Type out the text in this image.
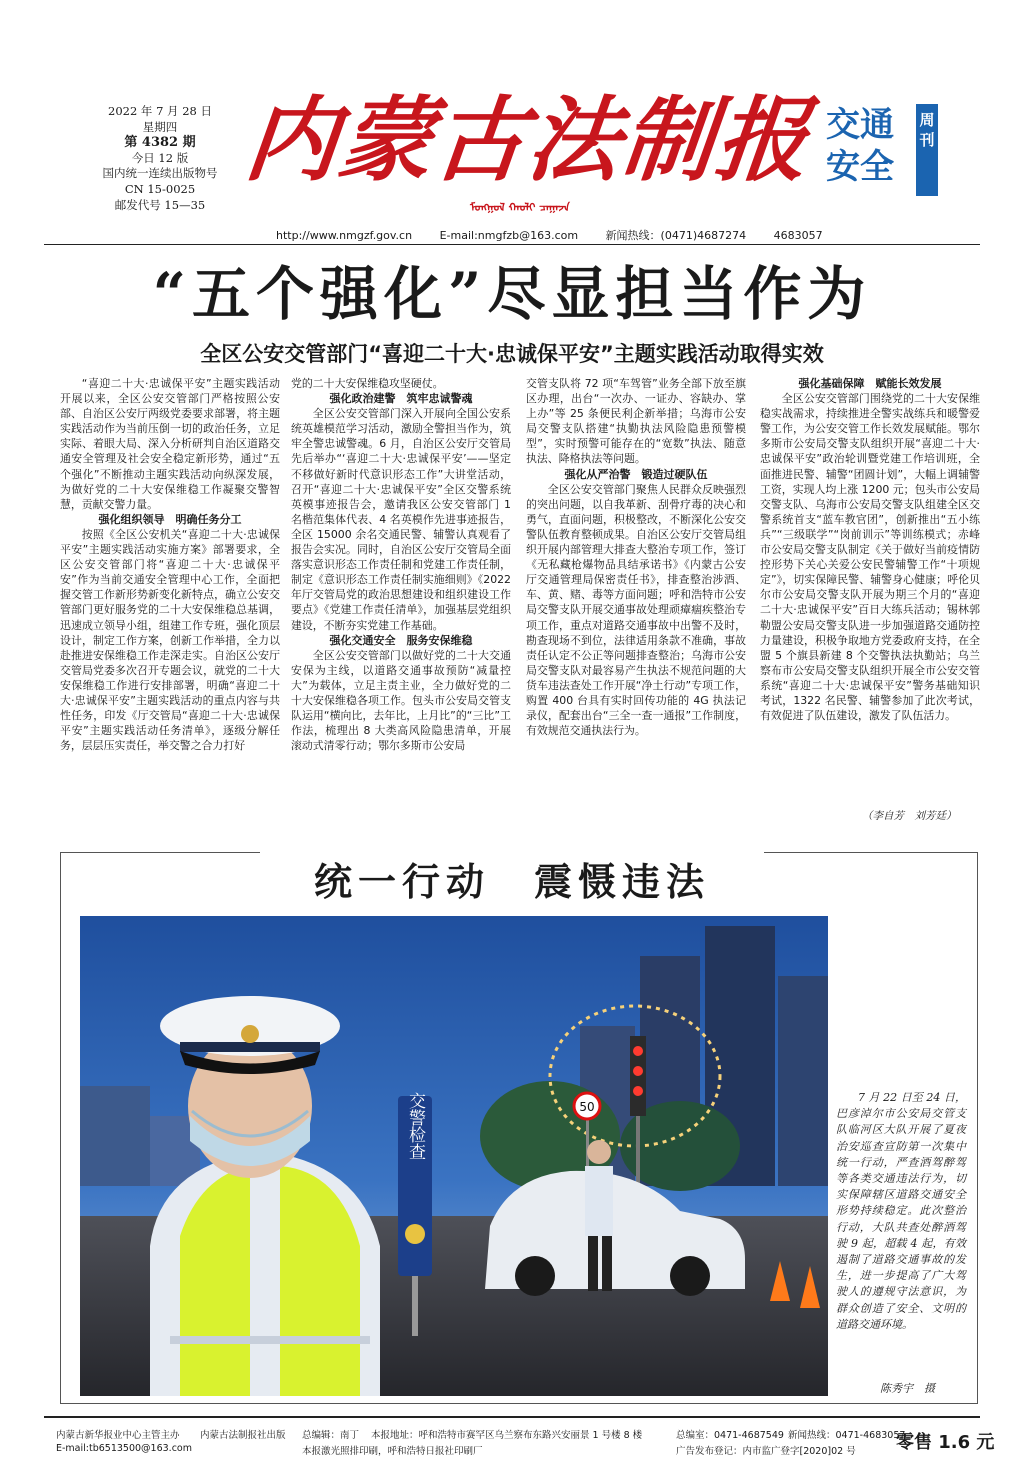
2022 年 7 月 28 日
星期四
第 4382 期
今日 12 版
国内统一连续出版物号
CN 15-0025
邮发代号 15—35
内蒙古法制报
ᠮᠣᠩᠭᠣᠯ ᠬᠠᠤᠯᠢ ᠴᠠᠭᠠᠵᠠ
交通
安全
周刊
http://www.nmgzf.gov.cn	E-mail:nmgfzb@163.com	新闻热线：(0471)4687274	4683057
“五个强化”尽显担当作为
全区公安交管部门“喜迎二十大·忠诚保平安”主题实践活动取得实效

“喜迎二十大·忠诚保平安”主题实践活动开展以来，全区公安交管部门严格按照公安部、自治区公安厅两级党委要求部署，将主题实践活动作为当前压倒一切的政治任务，立足实际、着眼大局、深入分析研判自治区道路交通安全管理及社会安全稳定新形势，通过“五个强化”不断推动主题实践活动向纵深发展，为做好党的二十大安保维稳工作凝聚交警智慧，贡献交警力量。

强化组织领导　明确任务分工

按照《全区公安机关“喜迎二十大·忠诚保平安”主题实践活动实施方案》部署要求，全区公安交管部门将“喜迎二十大·忠诚保平安”作为当前交通安全管理中心工作，全面把握交管工作新形势新变化新特点，确立公安交管部门更好服务党的二十大安保维稳总基调，迅速成立领导小组，组建工作专班，强化顶层设计，制定工作方案，创新工作举措，全力以赴推进安保维稳工作走深走实。自治区公安厅交管局党委多次召开专题会议，就党的二十大安保维稳工作进行安排部署，明确“喜迎二十大·忠诚保平安”主题实践活动的重点内容与共性任务，印发《厅交管局“喜迎二十大·忠诚保平安”主题实践活动任务清单》，逐级分解任务，层层压实责任，举交警之合力打好

党的二十大安保维稳攻坚硬仗。

强化政治建警　筑牢忠诚警魂

全区公安交管部门深入开展向全国公安系统英雄模范学习活动，激励全警担当作为，筑牢全警忠诚警魂。6 月，自治区公安厅交管局先后举办“‘喜迎二十大·忠诚保平安’——坚定不移做好新时代意识形态工作”大讲堂活动，召开“喜迎二十大·忠诚保平安”全区交警系统英模事迹报告会，邀请我区公安交管部门 1 名楷范集体代表、4 名英模作先进事迹报告，全区 15000 余名交通民警、辅警认真观看了报告会实况。同时，自治区公安厅交管局全面落实意识形态工作责任制和党建工作责任制，制定《意识形态工作责任制实施细则》《2022 年厅交管局党的政治思想建设和组织建设工作要点》《党建工作责任清单》，加强基层党组织建设，不断夯实党建工作基础。

强化交通安全　服务安保维稳

全区公安交管部门以做好党的二十大交通安保为主线，以道路交通事故预防“减量控大”为载体，立足主责主业，全力做好党的二十大安保维稳各项工作。包头市公安局交管支队运用“横向比，去年比，上月比”的“三比”工作法，梳理出 8 大类高风险隐患清单，开展滚动式清零行动；鄂尔多斯市公安局

交管支队将 72 项“车驾管”业务全部下放至旗区办理，出台“一次办、一证办、容缺办、掌上办”等 25 条便民利企新举措；乌海市公安局交警支队搭建“执勤执法风险隐患预警模型”，实时预警可能存在的“宽数”执法、随意执法、降格执法等问题。

强化从严治警　锻造过硬队伍

全区公安交管部门聚焦人民群众反映强烈的突出问题，以自我革新、刮骨疗毒的决心和勇气，直面问题，积极整改，不断深化公安交警队伍教育整顿成果。自治区公安厅交管局组织开展内部管理大排查大整治专项工作，签订《无私藏枪爆物品具结承诺书》《内蒙古公安厅交通管理局保密责任书》，排查整治涉酒、车、黄、赌、毒等方面问题；呼和浩特市公安局交警支队开展交通事故处理顽瘴痼疾整治专项工作，重点对道路交通事故中出警不及时，勘查现场不到位，法律适用条款不准确，事故责任认定不公正等问题排查整治；乌海市公安局交警支队对最容易产生执法不规范问题的大货车违法查处工作开展“净土行动”专项工作，购置 400 台具有实时回传功能的 4G 执法记录仪，配套出台“三全一查一通报”工作制度，有效规范交通执法行为。

强化基础保障　赋能长效发展

全区公安交管部门围绕党的二十大安保维稳实战需求，持续推进全警实战练兵和暖警爱警工作，为公安交管工作长效发展赋能。鄂尔多斯市公安局交警支队组织开展“喜迎二十大·忠诚保平安”政治轮训暨党建工作培训班，全面推进民警、辅警“团圆计划”，大幅上调辅警工资，实现人均上涨 1200 元；包头市公安局交警支队、乌海市公安局交警支队组建全区交警系统首支“蓝车教官团”，创新推出“五小练兵”“三级联学”“岗前训示”等训练模式；赤峰市公安局交警支队制定《关于做好当前疫情防控形势下关心关爱公安民警辅警工作“十项规定”》，切实保障民警、辅警身心健康；呼伦贝尔市公安局交警支队开展为期三个月的“喜迎二十大·忠诚保平安”百日大练兵活动；锡林郭勒盟公安局交警支队进一步加强道路交通防控力量建设，积极争取地方党委政府支持，在全盟 5 个旗县新建 8 个交警执法执勤站；乌兰察布市公安局交警支队组织开展全市公安交管系统“喜迎二十大·忠诚保平安”警务基础知识考试，1322 名民警、辅警参加了此次考试，有效促进了队伍建设，激发了队伍活力。

（李自芳　刘芳廷）
统一行动　震慑违法
50
交警检查	7 月 22 日至 24 日，巴彦淖尔市公安局交管支队临河区大队开展了夏夜治安巡查宣防第一次集中统一行动，严查酒驾醉驾等各类交通违法行为，切实保障辖区道路交通安全形势持续稳定。此次整治行动，大队共查处醉酒驾驶 9 起，超载 4 起，有效遏制了道路交通事故的发生，进一步提高了广大驾驶人的遵规守法意识，为群众创造了安全、文明的道路交通环境。
陈秀宇　摄
内蒙古新华报业中心主管主办 内蒙古法制报社出版 总编辑：南丁 本报地址：呼和浩特市赛罕区乌兰察布东路兴安丽景 1 号楼 8 楼	总编室：0471-4687549 新闻热线：0471-4683057
E-mail:tb6513500@163.com	本报激光照排印刷，呼和浩特日报社印刷厂	广告发布登记：内市监广登字[2020]02 号 零售 1.6 元
